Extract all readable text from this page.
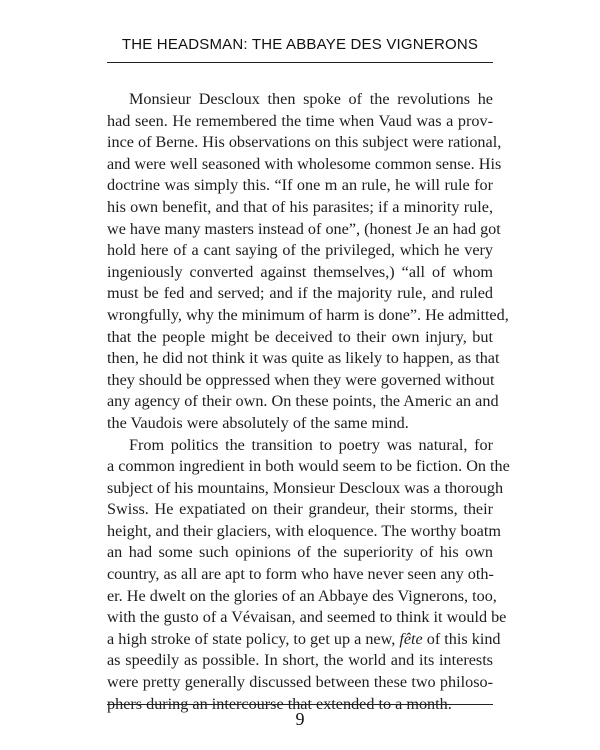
THE HEADSMAN: THE ABBAYE DES VIGNERONS
Monsieur Descloux then spoke of the revolutions he
had seen. He remembered the time when Vaud was a prov-
ince of Berne. His observations on this subject were rational,
and were well seasoned with wholesome common sense. His
doctrine was simply this. “If one m an rule, he will rule for
his own benefit, and that of his parasites; if a minority rule,
we have many masters instead of one”, (honest Je an had got
hold here of a cant saying of the privileged, which he very
ingeniously converted against themselves,) “all of whom
must be fed and served; and if the majority rule, and ruled
wrongfully, why the minimum of harm is done”. He admitted,
that the people might be deceived to their own injury, but
then, he did not think it was quite as likely to happen, as that
they should be oppressed when they were governed without
any agency of their own. On these points, the Americ an and
the Vaudois were absolutely of the same mind.
From politics the transition to poetry was natural, for
a common ingredient in both would seem to be fiction. On the
subject of his mountains, Monsieur Descloux was a thorough
Swiss. He expatiated on their grandeur, their storms, their
height, and their glaciers, with eloquence. The worthy boatm
an had some such opinions of the superiority of his own
country, as all are apt to form who have never seen any oth-
er. He dwelt on the glories of an Abbaye des Vignerons, too,
with the gusto of a Vévaisan, and seemed to think it would be
a high stroke of state policy, to get up a new, fête of this kind
as speedily as possible. In short, the world and its interests
were pretty generally discussed between these two philoso-
phers during an intercourse that extended to a month.
9
